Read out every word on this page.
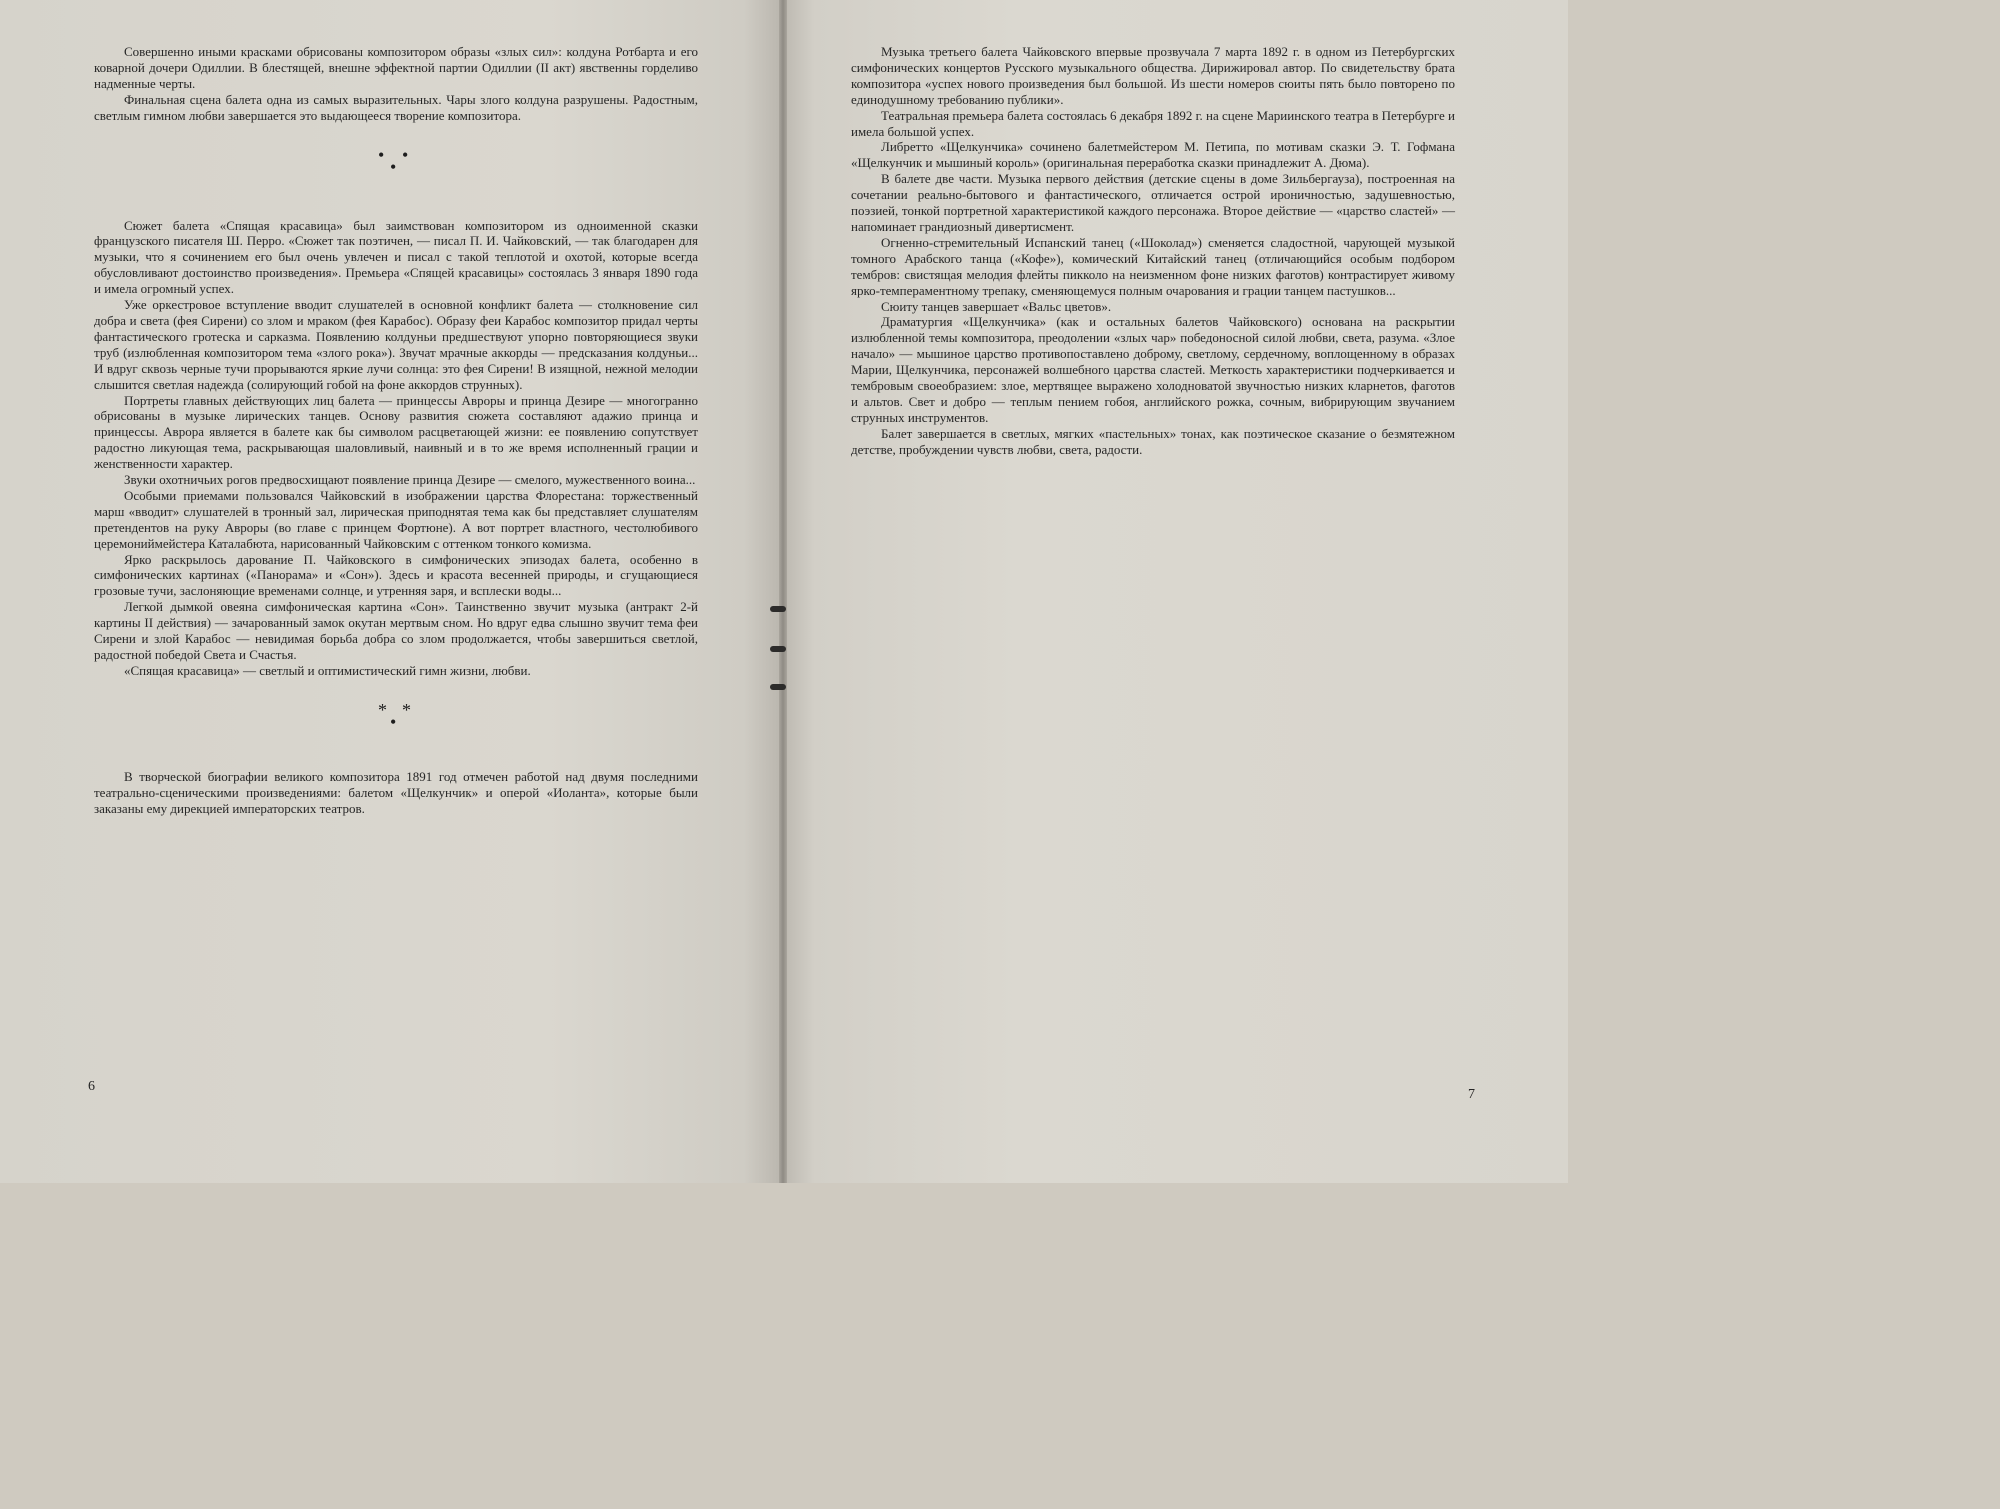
Совершенно иными красками обрисованы композитором образы «злых сил»: колдуна Ротбарта и его коварной дочери Одиллии. В блестящей, внешне эффектной партии Одиллии (II акт) явственны горделиво надменные черты.

Финальная сцена балета одна из самых выразительных. Чары злого колдуна разрушены. Радостным, светлым гимном любви завершается это выдающееся творение композитора.

• •
•

Сюжет балета «Спящая красавица» был заимствован композитором из одноименной сказки французского писателя Ш. Перро. «Сюжет так поэтичен, — писал П. И. Чайковский, — так благодарен для музыки, что я сочинением его был очень увлечен и писал с такой теплотой и охотой, которые всегда обусловливают достоинство произведения». Премьера «Спящей красавицы» состоялась 3 января 1890 года и имела огромный успех.

Уже оркестровое вступление вводит слушателей в основной конфликт балета — столкновение сил добра и света (фея Сирени) со злом и мраком (фея Карабос). Образу феи Карабос композитор придал черты фантастического гротеска и сарказма. Появлению колдуньи предшествуют упорно повторяющиеся звуки труб (излюбленная композитором тема «злого рока»). Звучат мрачные аккорды — предсказания колдуньи... И вдруг сквозь черные тучи прорываются яркие лучи солнца: это фея Сирени! В изящной, нежной мелодии слышится светлая надежда (солирующий гобой на фоне аккордов струнных).

Портреты главных действующих лиц балета — принцессы Авроры и принца Дезире — многогранно обрисованы в музыке лирических танцев. Основу развития сюжета составляют адажио принца и принцессы. Аврора является в балете как бы символом расцветающей жизни: ее появлению сопутствует радостно ликующая тема, раскрывающая шаловливый, наивный и в то же время исполненный грации и женственности характер.

Звуки охотничьих рогов предвосхищают появление принца Дезире — смелого, мужественного воина...

Особыми приемами пользовался Чайковский в изображении царства Флорестана: торжественный марш «вводит» слушателей в тронный зал, лирическая приподнятая тема как бы представляет слушателям претендентов на руку Авроры (во главе с принцем Фортюне). А вот портрет властного, честолюбивого церемониймейстера Каталабюта, нарисованный Чайковским с оттенком тонкого комизма.

Ярко раскрылось дарование П. Чайковского в симфонических эпизодах балета, особенно в симфонических картинах («Панорама» и «Сон»). Здесь и красота весенней природы, и сгущающиеся грозовые тучи, заслоняющие временами солнце, и утренняя заря, и всплески воды...

Легкой дымкой овеяна симфоническая картина «Сон». Таинственно звучит музыка (антракт 2-й картины II действия) — зачарованный замок окутан мертвым сном. Но вдруг едва слышно звучит тема феи Сирени и злой Карабос — невидимая борьба добра со злом продолжается, чтобы завершиться светлой, радостной победой Света и Счастья.

«Спящая красавица» — светлый и оптимистический гимн жизни, любви.

* *
•

В творческой биографии великого композитора 1891 год отмечен работой над двумя последними театрально-сценическими произведениями: балетом «Щелкунчик» и оперой «Иоланта», которые были заказаны ему дирекцией императорских театров.

6

Музыка третьего балета Чайковского впервые прозвучала 7 марта 1892 г. в одном из Петербургских симфонических концертов Русского музыкального общества. Дирижировал автор. По свидетельству брата композитора «успех нового произведения был большой. Из шести номеров сюиты пять было повторено по единодушному требованию публики».

Театральная премьера балета состоялась 6 декабря 1892 г. на сцене Мариинского театра в Петербурге и имела большой успех.

Либретто «Щелкунчика» сочинено балетмейстером М. Петипа, по мотивам сказки Э. Т. Гофмана «Щелкунчик и мышиный король» (оригинальная переработка сказки принадлежит А. Дюма).

В балете две части. Музыка первого действия (детские сцены в доме Зильбергауза), построенная на сочетании реально-бытового и фантастического, отличается острой ироничностью, задушевностью, поэзией, тонкой портретной характеристикой каждого персонажа. Второе действие — «царство сластей» — напоминает грандиозный дивертисмент.

Огненно-стремительный Испанский танец («Шоколад») сменяется сладостной, чарующей музыкой томного Арабского танца («Кофе»), комический Китайский танец (отличающийся особым подбором тембров: свистящая мелодия флейты пикколо на неизменном фоне низких фаготов) контрастирует живому ярко-темпераментному трепаку, сменяющемуся полным очарования и грации танцем пастушков...

Сюиту танцев завершает «Вальс цветов».

Драматургия «Щелкунчика» (как и остальных балетов Чайковского) основана на раскрытии излюбленной темы композитора, преодолении «злых чар» победоносной силой любви, света, разума. «Злое начало» — мышиное царство противопоставлено доброму, светлому, сердечному, воплощенному в образах Марии, Щелкунчика, персонажей волшебного царства сластей. Меткость характеристики подчеркивается и тембровым своеобразием: злое, мертвящее выражено холодноватой звучностью низких кларнетов, фаготов и альтов. Свет и добро — теплым пением гобоя, английского рожка, сочным, вибрирующим звучанием струнных инструментов.

Балет завершается в светлых, мягких «пастельных» тонах, как поэтическое сказание о безмятежном детстве, пробуждении чувств любви, света, радости.

7
